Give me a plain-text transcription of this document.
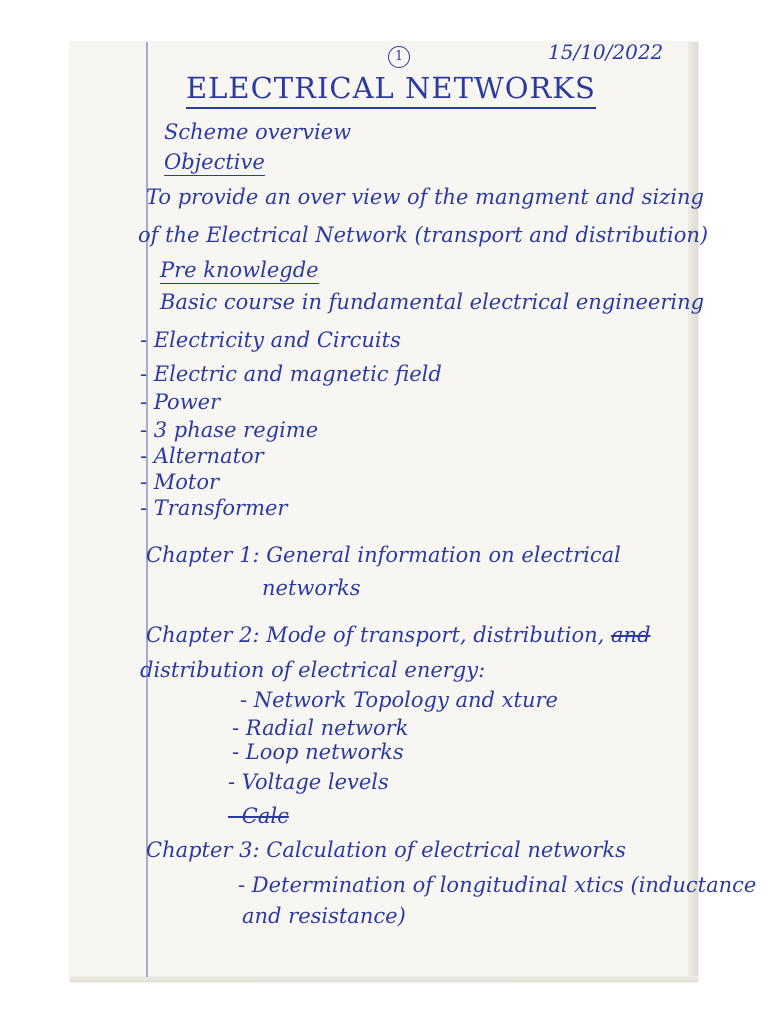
15/10/2022
1
ELECTRICAL NETWORKS
Scheme overview
Objective
To provide an over view of the mangment and sizing
of the Electrical Network (transport and distribution)
Pre knowlegde
Basic course in fundamental electrical engineering
- Electricity and Circuits
- Electric and magnetic field
- Power
- 3 phase regime
- Alternator
- Motor
- Transformer
Chapter 1: General information on electrical
networks
Chapter 2: Mode of transport, distribution, and
distribution of electrical energy:
- Network Topology and xture
- Radial network
- Loop networks
- Voltage levels
- Calc
Chapter 3: Calculation of electrical networks
- Determination of longitudinal xtics (inductance
and resistance)
